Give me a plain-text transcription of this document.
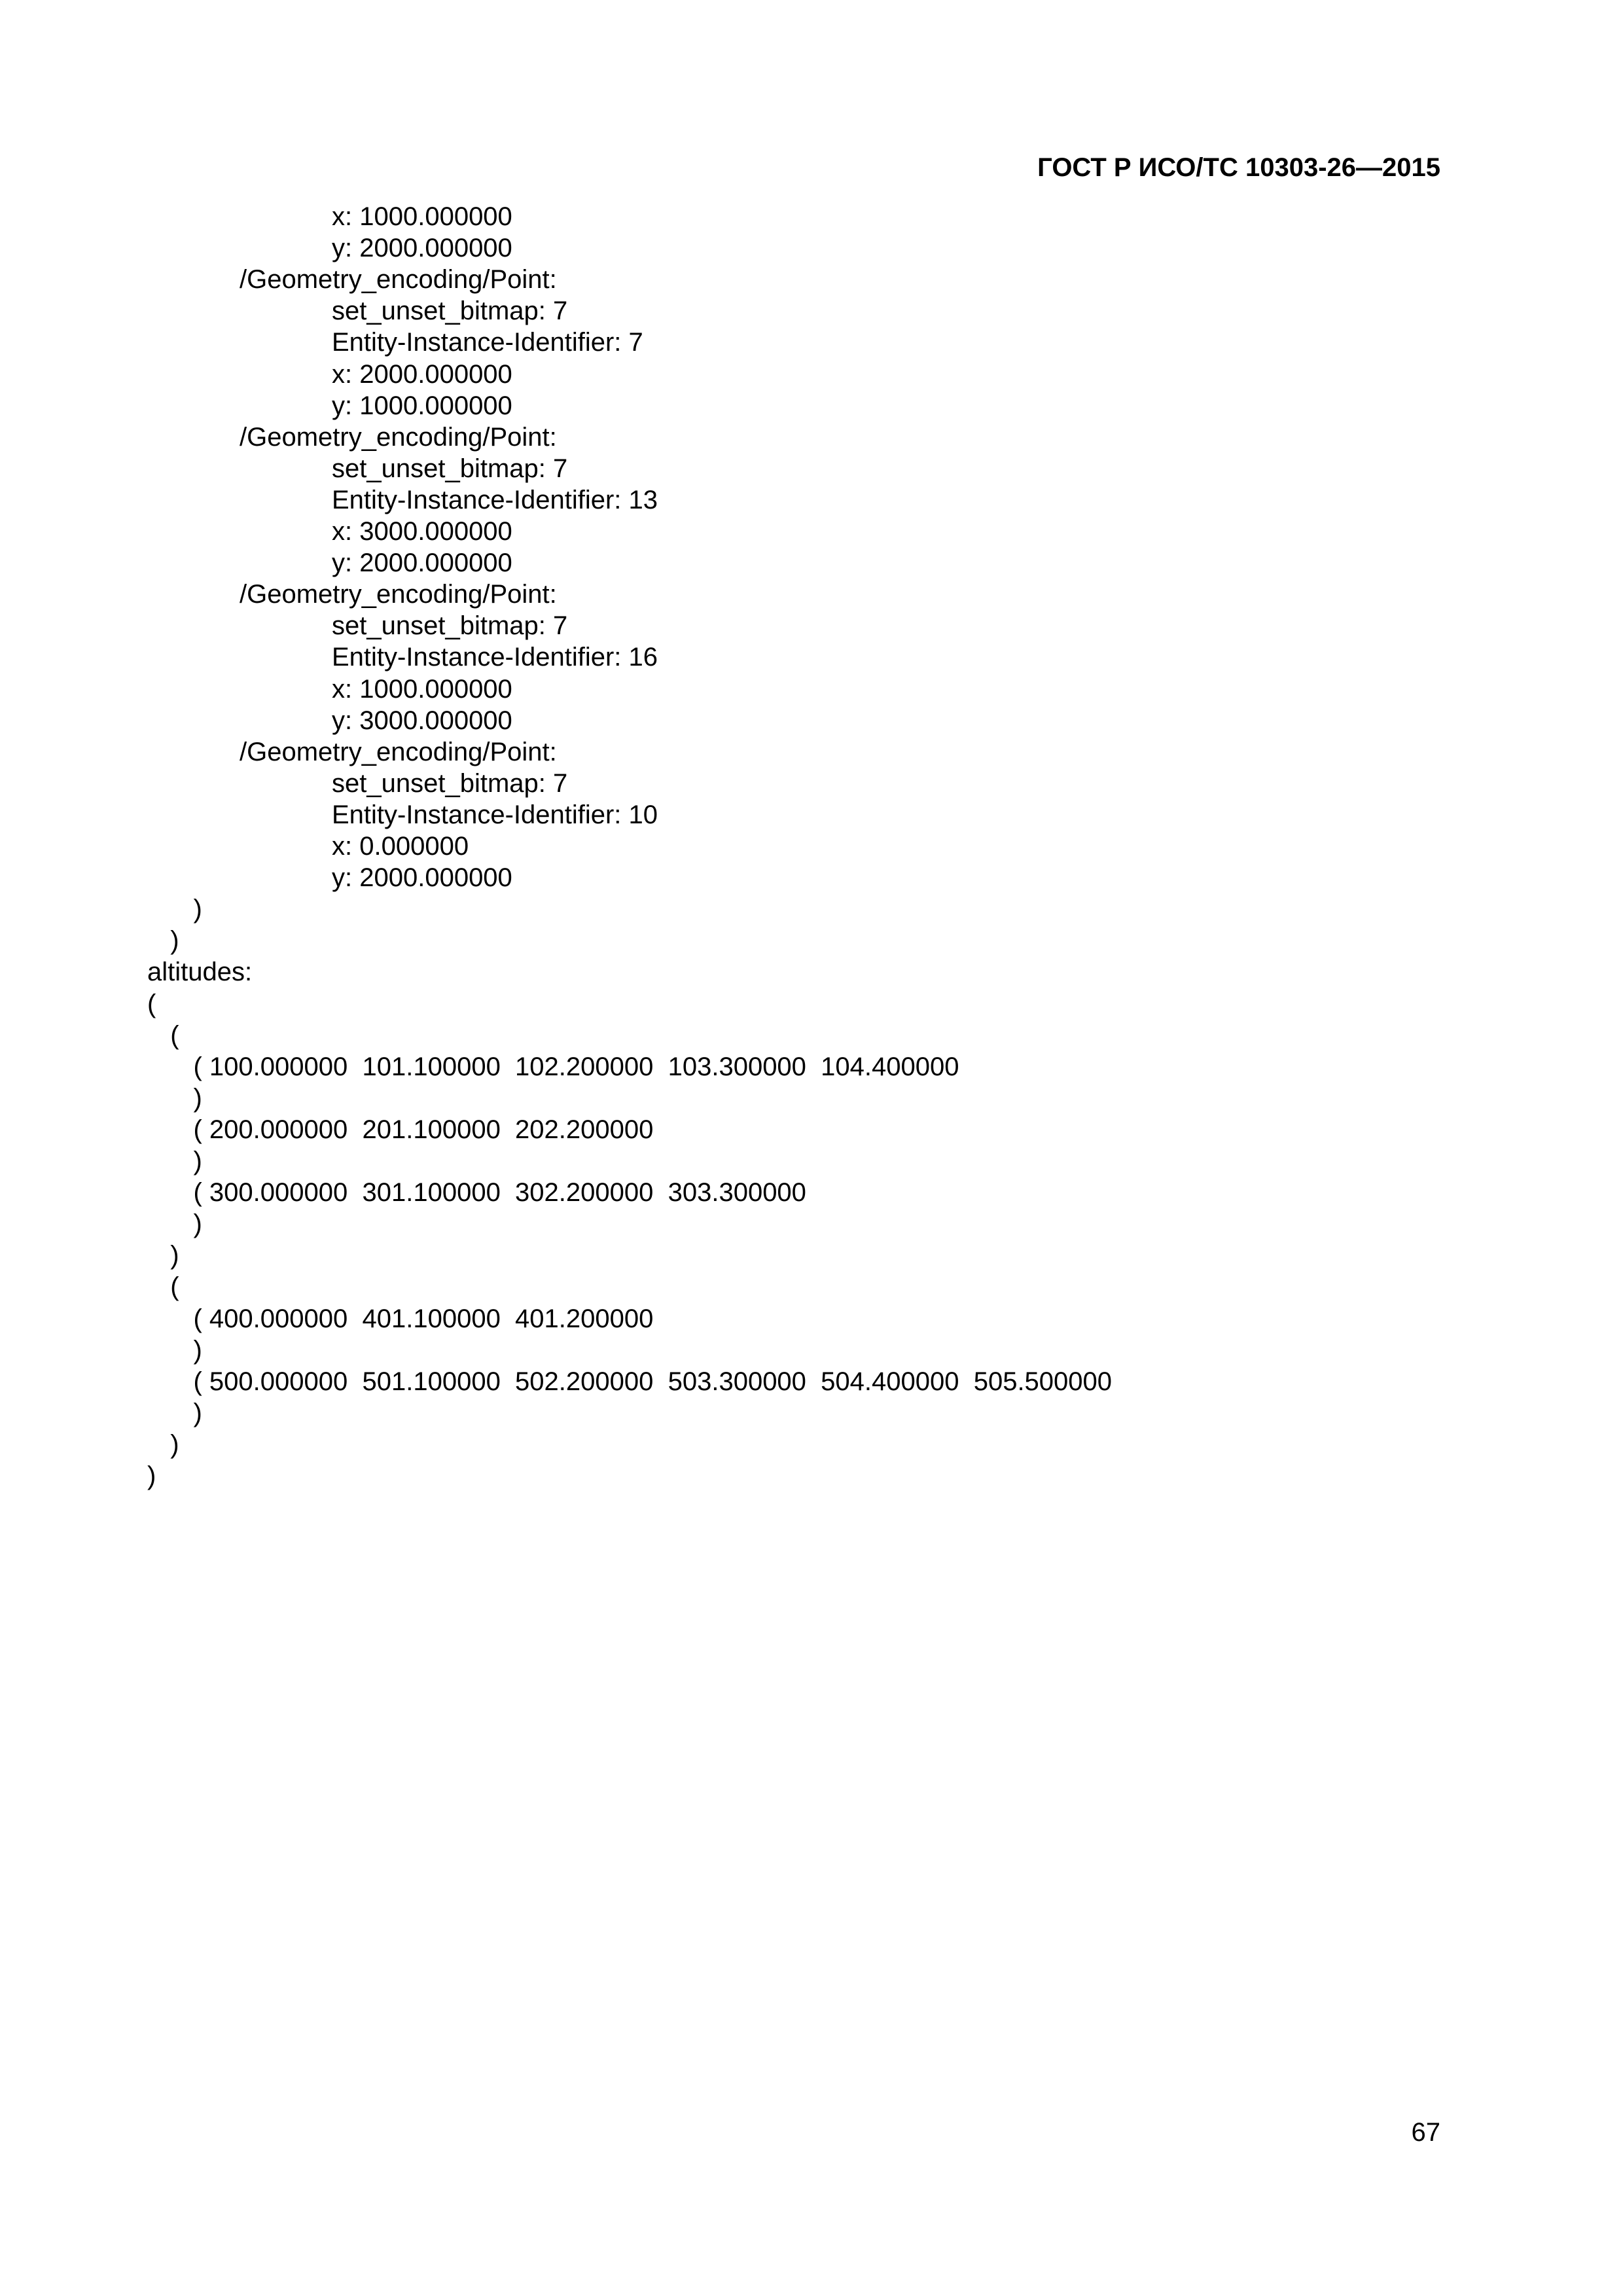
ГОСТ Р ИСО/ТС 10303-26—2015
x: 1000.000000
y: 2000.000000
/Geometry_encoding/Point:
set_unset_bitmap: 7
Entity-Instance-Identifier: 7
x: 2000.000000
y: 1000.000000
/Geometry_encoding/Point:
set_unset_bitmap: 7
Entity-Instance-Identifier: 13
x: 3000.000000
y: 2000.000000
/Geometry_encoding/Point:
set_unset_bitmap: 7
Entity-Instance-Identifier: 16
x: 1000.000000
y: 3000.000000
/Geometry_encoding/Point:
set_unset_bitmap: 7
Entity-Instance-Identifier: 10
x: 0.000000
y: 2000.000000
)
)
altitudes:
(
(
( 100.000000  101.100000  102.200000  103.300000  104.400000
)
( 200.000000  201.100000  202.200000
)
( 300.000000  301.100000  302.200000  303.300000
)
)
(
( 400.000000  401.100000  401.200000
)
( 500.000000  501.100000  502.200000  503.300000  504.400000  505.500000
)
)
)
67
